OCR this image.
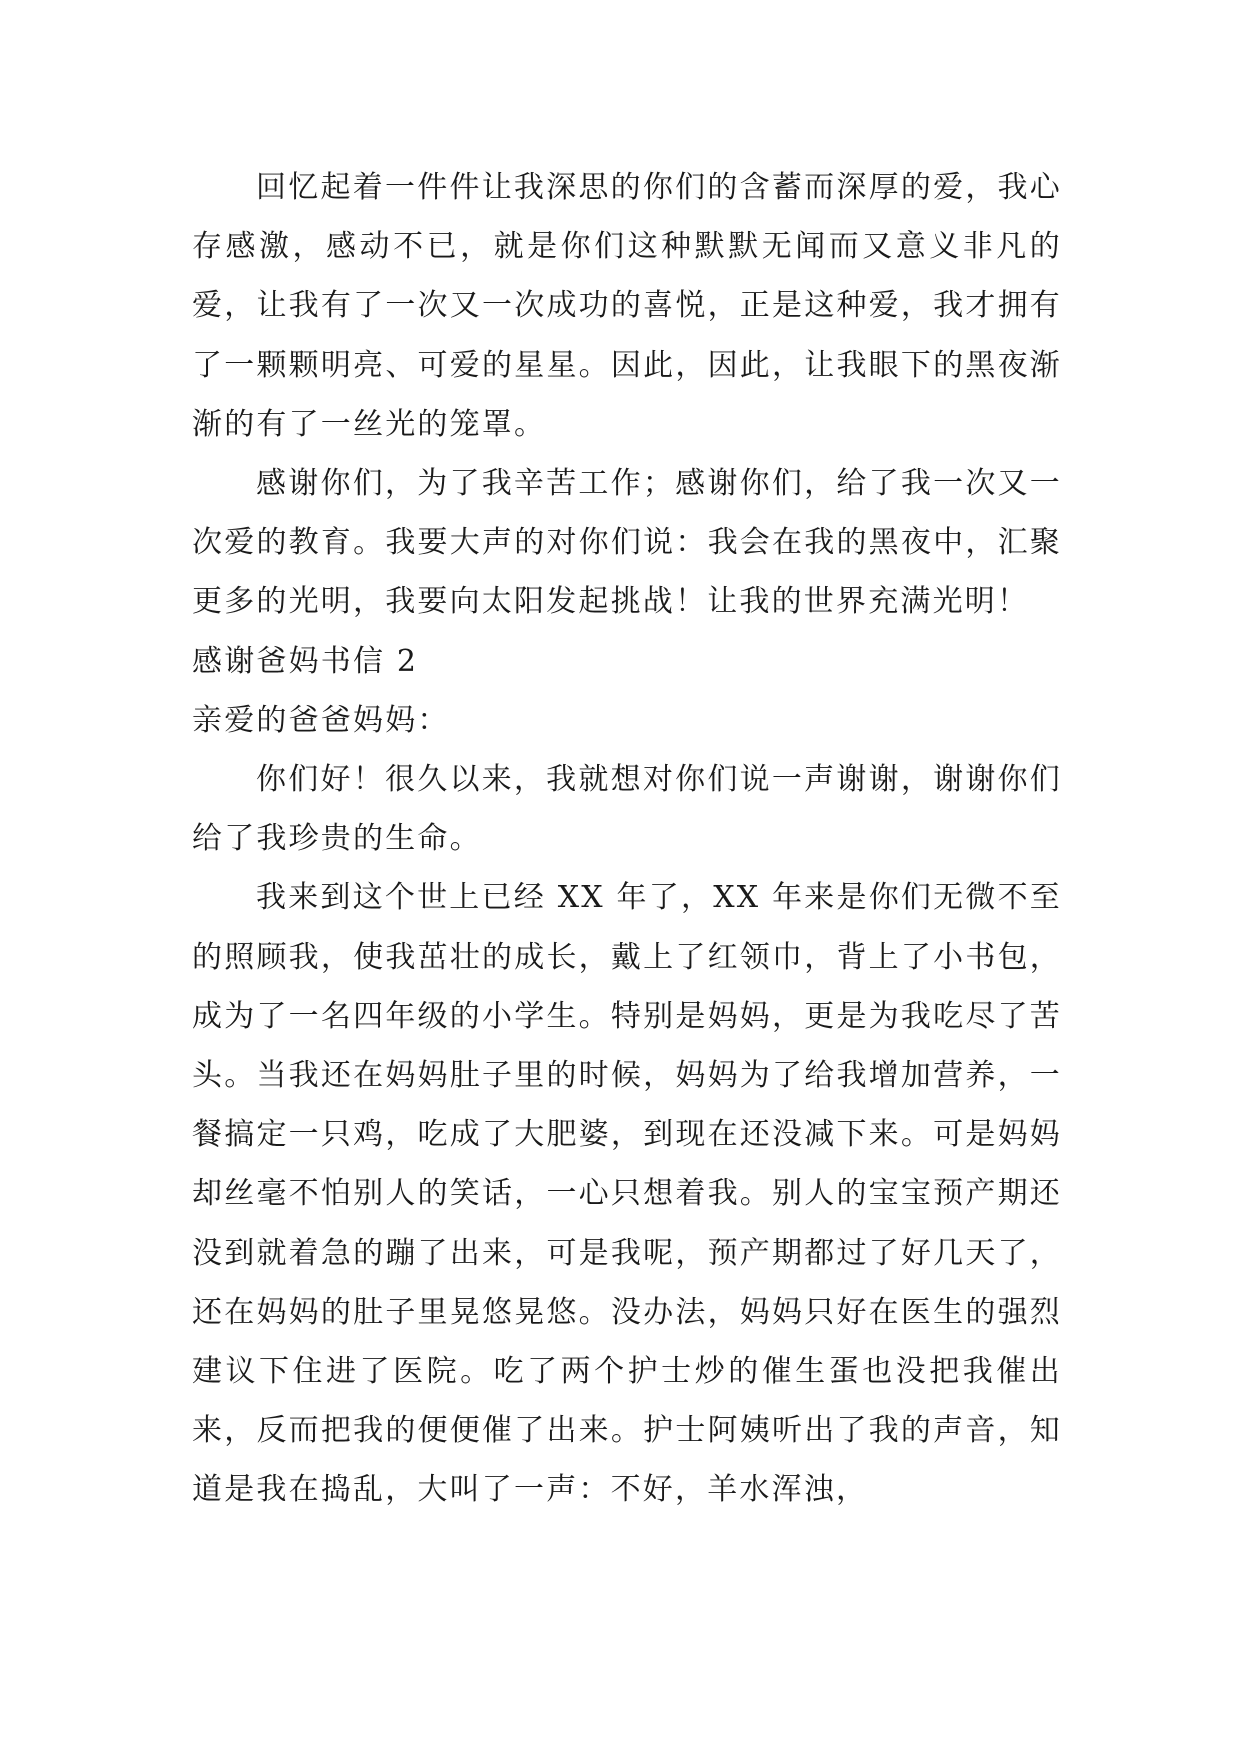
回忆起着一件件让我深思的你们的含蓄而深厚的爱，我心存感激，感动不已，就是你们这种默默无闻而又意义非凡的爱，让我有了一次又一次成功的喜悦，正是这种爱，我才拥有了一颗颗明亮、可爱的星星。因此，因此，让我眼下的黑夜渐渐的有了一丝光的笼罩。

感谢你们，为了我辛苦工作；感谢你们，给了我一次又一次爱的教育。我要大声的对你们说：我会在我的黑夜中，汇聚更多的光明，我要向太阳发起挑战！让我的世界充满光明！

感谢爸妈书信 2

亲爱的爸爸妈妈：

你们好！很久以来，我就想对你们说一声谢谢，谢谢你们给了我珍贵的生命。

我来到这个世上已经 XX 年了，XX 年来是你们无微不至的照顾我，使我茁壮的成长，戴上了红领巾，背上了小书包，成为了一名四年级的小学生。特别是妈妈，更是为我吃尽了苦头。当我还在妈妈肚子里的时候，妈妈为了给我增加营养，一餐搞定一只鸡，吃成了大肥婆，到现在还没减下来。可是妈妈却丝毫不怕别人的笑话，一心只想着我。别人的宝宝预产期还没到就着急的蹦了出来，可是我呢，预产期都过了好几天了，还在妈妈的肚子里晃悠晃悠。没办法，妈妈只好在医生的强烈建议下住进了医院。吃了两个护士炒的催生蛋也没把我催出来，反而把我的便便催了出来。护士阿姨听出了我的声音，知道是我在捣乱，大叫了一声：不好，羊水浑浊，
